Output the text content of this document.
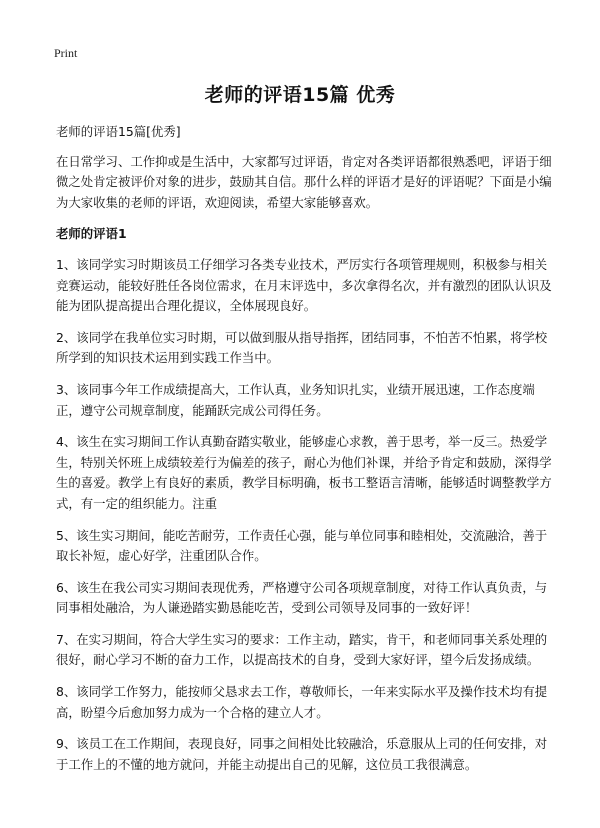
Print
老师的评语15篇 优秀

老师的评语15篇[优秀]

在日常学习、工作抑或是生活中，大家都写过评语，肯定对各类评语都很熟悉吧，评语于细微之处肯定被评价对象的进步，鼓励其自信。那什么样的评语才是好的评语呢？下面是小编为大家收集的老师的评语，欢迎阅读，希望大家能够喜欢。

老师的评语1

1、该同学实习时期该员工仔细学习各类专业技术，严厉实行各项管理规则，积极参与相关竞赛运动，能较好胜任各岗位需求，在月末评选中，多次拿得名次，并有激烈的团队认识及能为团队提高提出合理化提议，全体展现良好。

2、该同学在我单位实习时期，可以做到服从指导指挥，团结同事，不怕苦不怕累，将学校所学到的知识技术运用到实践工作当中。

3、该同事今年工作成绩提高大，工作认真，业务知识扎实，业绩开展迅速，工作态度端正，遵守公司规章制度，能踊跃完成公司得任务。

4、该生在实习期间工作认真勤奋踏实敬业，能够虚心求教，善于思考，举一反三。热爱学生，特别关怀班上成绩较差行为偏差的孩子，耐心为他们补课，并给予肯定和鼓励，深得学生的喜爱。教学上有良好的素质，教学目标明确，板书工整语言清晰，能够适时调整教学方式，有一定的组织能力。注重

5、该生实习期间，能吃苦耐劳，工作责任心强，能与单位同事和睦相处，交流融洽，善于取长补短，虚心好学，注重团队合作。

6、该生在我公司实习期间表现优秀，严格遵守公司各项规章制度，对待工作认真负责，与同事相处融洽，为人谦逊踏实勤恳能吃苦，受到公司领导及同事的一致好评！

7、在实习期间，符合大学生实习的要求：工作主动，踏实，肯干，和老师同事关系处理的很好，耐心学习不断的奋力工作，以提高技术的自身，受到大家好评，望今后发扬成绩。

8、该同学工作努力，能按师父恳求去工作，尊敬师长，一年来实际水平及操作技术均有提高，盼望今后愈加努力成为一个合格的建立人才。

9、该员工在工作期间，表现良好，同事之间相处比较融洽，乐意服从上司的任何安排，对于工作上的不懂的地方就问，并能主动提出自己的见解，这位员工我很满意。
